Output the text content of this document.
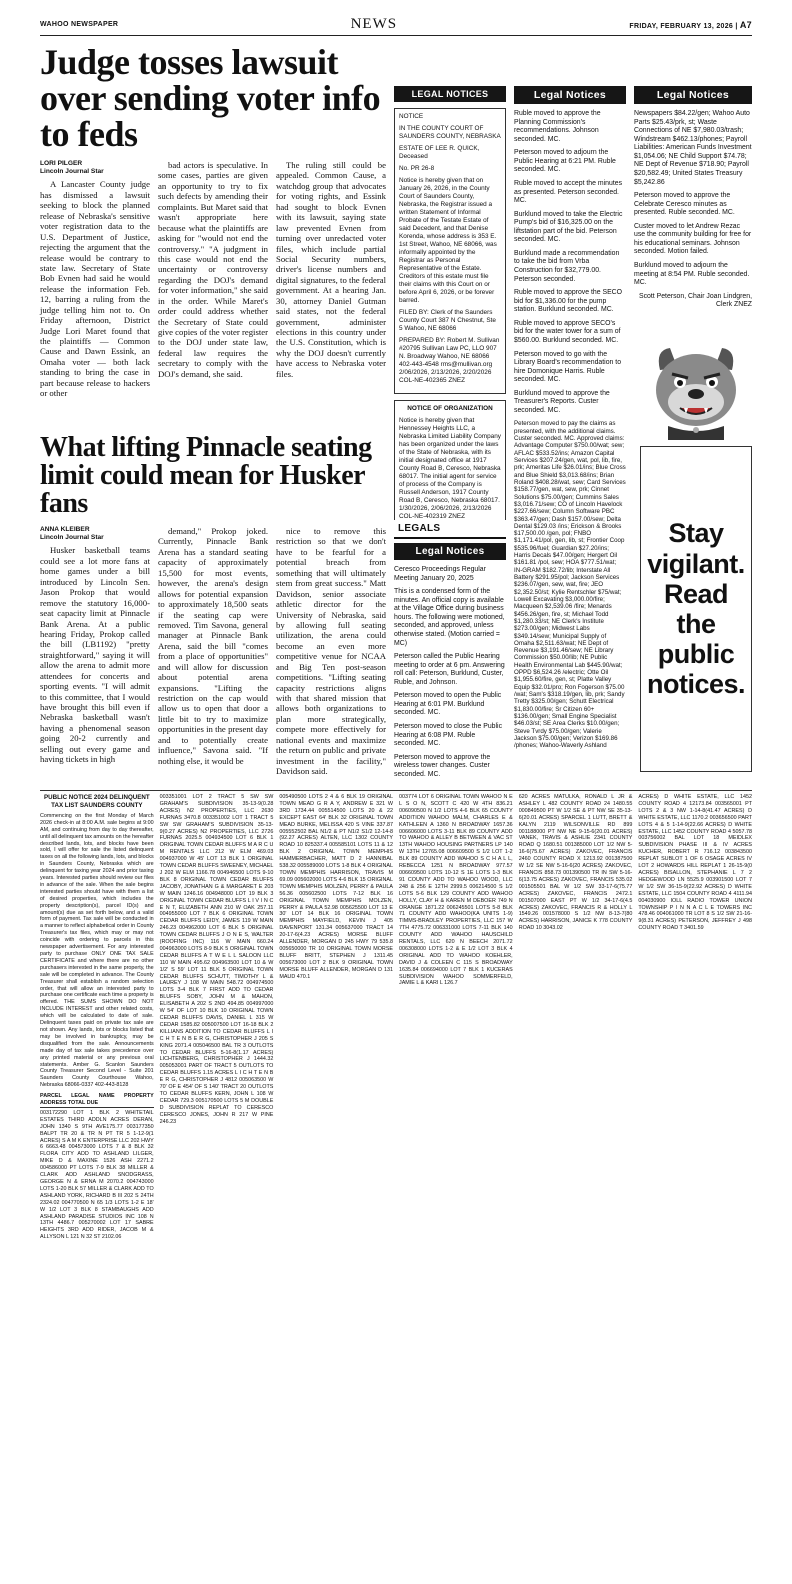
WAHOO NEWSPAPER	NEWS	FRIDAY, FEBRUARY 13, 2026 | A7
Judge tosses lawsuit over sending voter info to feds
LORI PILGER
Lincoln Journal Star

A Lancaster County judge has dismissed a lawsuit seeking to block the planned release of Nebraska's sensitive voter registration data to the U.S. Department of Justice, rejecting the argument that the release would be contrary to state law. Secretary of State Bob Evnen had said he would release the information Feb. 12, barring a ruling from the judge telling him not to. On Friday afternoon, District Judge Lori Maret found that the plaintiffs — Common Cause and Dawn Essink, an Omaha voter — both lack standing to bring the case in part because release to hackers or other

bad actors is speculative. In some cases, parties are given an opportunity to try to fix such defects by amending their complaints. But Maret said that wasn't appropriate here because what the plaintiffs are asking for "would not end the controversy." "A judgment in this case would not end the uncertainty or controversy regarding the DOJ's demand for voter information," she said in the order. While Maret's order could address whether the Secretary of State could give copies of the voter register to the DOJ under state law, federal law requires the secretary to comply with the DOJ's demand, she said.

The ruling still could be appealed. Common Cause, a watchdog group that advocates for voting rights, and Essink had sought to block Evnen with its lawsuit, saying state law prevented Evnen from turning over unredacted voter files, which include partial Social Security numbers, driver's license numbers and digital signatures, to the federal government. At a hearing Jan. 30, attorney Daniel Gutman said states, not the federal government, administer elections in this country under the U.S. Constitution, which is why the DOJ doesn't currently have access to Nebraska voter files.

What lifting Pinnacle seating limit could mean for Husker fans
ANNA KLEIBER
Lincoln Journal Star

Husker basketball teams could see a lot more fans at home games under a bill introduced by Lincoln Sen. Jason Prokop that would remove the statutory 16,000-seat capacity limit at Pinnacle Bank Arena. At a public hearing Friday, Prokop called the bill (LB1192) "pretty straightforward," saying it will allow the arena to admit more attendees for concerts and sporting events. "I will admit to this committee, that I would have brought this bill even if Nebraska basketball wasn't having a phenomenal season going 20-2 currently and selling out every game and having tickets in high

demand," Prokop joked. Currently, Pinnacle Bank Arena has a standard seating capacity of approximately 15,500 for most events, however, the arena's design allows for potential expansion to approximately 18,500 seats if the seating cap were removed. Tim Savona, general manager at Pinnacle Bank Arena, said the bill "comes from a place of opportunities" and will allow for discussion about potential arena expansions. "Lifting the restriction on the cap would allow us to open that door a little bit to try to maximize opportunities in the present day and to potentially create influence," Savona said. "If nothing else, it would be

nice to remove this restriction so that we don't have to be fearful for a potential breach from something that will ultimately stem from great success." Matt Davidson, senior associate athletic director for the University of Nebraska, said by allowing full seating utilization, the arena could become an even more competitive venue for NCAA and Big Ten post-season competitions. "Lifting seating capacity restrictions aligns with that shared mission that allows both organizations to plan more strategically, compete more effectively for national events and maximize the return on public and private investment in the facility," Davidson said.

LEGAL NOTICES

NOTICE

IN THE COUNTY COURT OF SAUNDERS COUNTY, NEBRASKA

ESTATE OF LEE R. QUICK, Deceased

No. PR 26-8

Notice is hereby given that on January 26, 2026, in the County Court of Saunders County, Nebraska, the Registrar issued a written Statement of Informal Probate of the Testate Estate of said Decedent, and that Denise Korenda, whose address is 353 E. 1st Street, Wahoo, NE 68066, was informally appointed by the Registrar as Personal Representative of the Estate. Creditors of this estate must file their claims with this Court on or before April 6, 2026, or be forever barred.

FILED BY: Clerk of the Saunders County Court 387 N Chestnut, Ste 5 Wahoo, NE 68066

PREPARED BY: Robert M. Sullivan #20795 Sullivan Law PC, LLO 907 N. Broadway Wahoo, NE 68066 402-443-4548 rms@mullivan.org 2/06/2026, 2/13/2026, 2/20/2026 COL-NE-402365 ZNEZ

NOTICE OF ORGANIZATION

Notice is hereby given that Hennessey Heights LLC, a Nebraska Limited Liability Company has been organized under the laws of the State of Nebraska, with its initial designated office at 1917 County Road B, Ceresco, Nebraska 68017. The initial agent for service of process of the Company is Russell Anderson, 1917 County Road B, Ceresco, Nebraska 68017. 1/30/2026, 2/06/2026, 2/13/2026 COL-NE-402319 ZNEZ

LEGALS
Legal Notices

Ceresco Proceedings Regular Meeting January 20, 2025

This is a condensed form of the minutes. An official copy is available at the Village Office during business hours. The following were motioned, seconded, and approved, unless otherwise stated. (Motion carried = MC)

Peterson called the Public Hearing meeting to order at 6 pm. Answering roll call: Peterson, Burklund, Custer, Ruble, and Johnson.

Peterson moved to open the Public Hearing at 6:01 PM. Burklund seconded. MC.

Peterson moved to close the Public Hearing at 6:08 PM. Ruble seconded. MC.

Peterson moved to approve the wireless tower changes. Custer seconded. MC.

Legal Notices

Ruble moved to approve the Planning Commission's recommendations. Johnson seconded. MC.

Peterson moved to adjourn the Public Hearing at 6:21 PM. Ruble seconded. MC.

Ruble moved to accept the minutes as presented. Peterson seconded. MC.

Burklund moved to take the Electric Pump's bid of $16,325.00 on the liftstation part of the bid. Peterson seconded. MC.

Burklund made a recommendation to take the bid from Vrba Construction for $32,779.00. Peterson seconded.

Ruble moved to approve the SECO bid for $1,336.00 for the pump station. Burklund seconded. MC.

Ruble moved to approve SECO's bid for the water tower for a sum of $560.00. Burklund seconded. MC.

Peterson moved to go with the Library Board's recommendation to hire Domonique Harris. Ruble seconded. MC.

Burklund moved to approve the Treasurer's Reports. Custer seconded. MC.

Peterson moved to pay the claims as presented, with the additional claims. Custer seconded. MC. Approved claims: Advantage Computer $750.00/wat; sew; AFLAC $533.52/ins; Amazon Capital Services $207.24/gen, wat, pol, lib, fire, prk; Ameritas Life $26.01/ins; Blue Cross and Blue Shield $3,013.68/ins; Brian Roland $408.28/wat, sew; Card Services $158.77/gen, wat, sew, prk; Cinnet Solutions $75.00/gen; Cummins Sales $3,016.71/sew; CO of Lincoln Havelock $227.66/sew; Column Software PBC $363.47/gen; Dash $157.00/sew; Delta Dental $129.03 /ins; Erickson & Brooks $17,500.00 /gen, pol; FNBO $1,171.41/pol, gen, lib, st; Frontier Coop $535.96/fuel; Guardian $27.20/ins; Harris Decals $47.00/gen; Hergert Oil $161.81 /pol, sew; HOA $777.51/wat; IN-GRAM $182.72/lib; Interstate All Battery $291.95/pol; Jackson Services $236.07/gen, sew, wat, fire; JEO $2,352.50/st; Kylie Rentschler $75/wat; Lowell Excavating $3,000.00/fire; Macqueen $2,539.06 /fire; Menards $456.26/gen, fire, st; Michael Todd $1,280.33/st; NE Clerk's Institute $273.00/gen; Midwest Labs $349.14/sew; Municipal Supply of Omaha $2,511.63/wat; NE Dept of Revenue $3,191.46/sew; NE Library Commission $50.00/lib; NE Public Health Environmental Lab $445.90/wat; OPPD $6,524.26 /electric; Otte Oil $1,955.60/fire, gen, st; Platte Valley Equip $32.01/pro; Ron Fogerson $75.00 /wat; Sam's $318.19/gen, lib, prk; Sandy Tretty $325.00/gen; Schutt Electrical $1,830.00/fire; Sr Citizen 60+ $136.00/gen; Small Engine Specialist $46.03/st; SE Area Clerks $10.00/gen; Steve Tvrdy $75.00/gen; Valerie Jackson $75.00/gen; Verizon $169.86 /phones; Wahoo-Waverly Ashland

Legal Notices

Newspapers $84.22/gen; Wahoo Auto Parts $25.43/prk, st; Waste Connections of NE $7,980.03/trash; Windstream $462.13/phones; Payroll Liabilities: American Funds Investment $1,054.06; NE Child Support $74.78; NE Dept of Revenue $718.90; Payroll $20,582.49; United States Treasury $5,242.86

Peterson moved to approve the Celebrate Ceresco minutes as presented. Ruble seconded. MC.

Custer moved to let Andrew Rezac use the community building for free for his educational seminars. Johnson seconded. Motion failed.

Burklund moved to adjourn the meeting at 8:54 PM. Ruble seconded. MC.

Scott Peterson, Chair Joan Lindgren, Clerk ZNEZ

Stay vigilant. Read the public notices.
PUBLIC NOTICE 2024 DELINQUENT TAX LIST SAUNDERS COUNTY
Commencing on the first Monday of March 2026 check-in at 8:00 A.M. sale begins at 9:00 AM, and continuing from day to day thereafter, until all delinquent tax amounts on the hereafter described lands, lots, and blocks have been sold, I will offer for sale the listed delinquent taxes on all the following lands, lots, and blocks in Saunders County, Nebraska which are delinquent for taxing year 2024 and prior taxing years. Interested parties should review our files in advance of the sale. When the sale begins interested parties should have with them a list of desired properties, which includes the property description(s), parcel ID(s) and amount(s) due as set forth below, and a valid form of payment. Tax sale will be conducted in a manner to reflect alphabetical order in County Treasurer's tax files, which may or may not coincide with ordering to parcels in this newspaper advertisement. For any interested party to purchase ONLY ONE TAX SALE CERTIFICATE and where there are no other purchasers interested in the same property, the sale will be completed in advance. The County Treasurer shall establish a random selection order, that will allow an interested party to purchase one certificate each time a property is offered. THE SUMS SHOWN DO NOT INCLUDE INTEREST and other related costs, which will be calculated to date of sale. Delinquent taxes paid on private tax sale are not shown. Any lands, lots or blocks listed that may be involved in bankruptcy, may be disqualified from the sale. Announcements made day of tax sale takes precedence over any printed material or any previous oral statements. Amber G. Scanlon Saunders County Treasurer Second Level - Suite 201 Saunders County Courthouse Wahoo, Nebraska 68066-0337 402-443-8128
PARCEL LEGAL NAME PROPERTY ADDRESS TOTAL DUE
003172290 LOT 1 BLK 2 WHITETAIL ESTATES THIRD ADDLN ACRES DERAN, JOHN 1340 S 9TH AVE175.77 003177350 BALPT TR 20 & TR N PT TR 5 1-12-9(1 ACRES) S A M K ENTERPRISE LLC 202 HWY 6 6663.48 004573000 LOTS 7 & 8 BLK 32 FLORA CITY ADD TO ASHLAND LILGER, MIKE D & MAXINE 1526 ASH 2271.2 004586000 PT LOTS 7-9 BLK 38 MILLER & CLARK ADD ASHLAND SNODGRASS, GEORGE N & ERNA M 2070.2 004743000 LOTS 1-20 BLK 57 MILLER & CLARK ADD TO ASHLAND YORK, RICHARD B III 202 S 24TH 2324.02 004770500 N 65 1/3 LOTS 1-2 E 18' W 1/2 LOT 3 BLK 8 STAMBAUGHS ADD ASHLAND PARADISE STUDIOS INC 108 N 13TH 4486.7 005270002 LOT 17 SABRE HEIGHTS 3RD ADD RIDER, JACOB M & ALLYSON L 121 N 32 ST 2102.06
003351001 LOT 2 TRACT 5 SW SW GRAHAM'S SUBDIVISION 35-13-9(0.28 ACRES) N2 PROPERTIES, LLC 2630 FURNAS 3470.8 003351002 LOT 1 TRACT 5 SW SW GRAHAM'S SUBDIVISION 35-13-9(0.27 ACRES) N2 PROPERTIES, LLC 2726 FURNAS 2025.5 004934500 LOT 6 BLK 1 ORIGINAL TOWN CEDAR BLUFFS M A R C U M RENTALS LLC 212 W ELM 469.03 004937000 W 45' LOT 13 BLK 1 ORIGINAL TOWN CEDAR BLUFFS SWEENEY, MICHAEL J 202 W ELM 1166.78 004946500 LOTS 9-10 BLK 8 ORIGINAL TOWN CEDAR BLUFFS JACOBY, JONATHAN G & MARGARET E 203 W MAIN 1246.16 004948000 LOT 19 BLK 3 ORIGINAL TOWN CEDAR BLUFFS L I V I N C E N T, ELIZABETH ANN 210 W OAK 257.11 004955000 LOT 7 BLK 6 ORIGINAL TOWN CEDAR BLUFFS LEIDY, JAMES 119 W MAIN 246.23 004962000 LOT 6 BLK 5 ORIGINAL TOWN CEDAR BLUFFS J O N E S, WALTER (ROOFING INC) 116 W MAIN 660.24 004963000 LOTS 8-9 BLK 5 ORIGINAL TOWN CEDAR BLUFFS A T W E L L SALOON LLC 110 W MAIN 495.62 004963500 LOT 10 & W 1/2' S 59' LOT 11 BLK 5 ORIGINAL TOWN CEDAR BLUFFS SCHUTT, TIMOTHY L & LAUREY J 108 W MAIN 548.72 004974500 LOTS 3-4 BLK 7 FIRST ADD TO CEDAR BLUFFS SOBY, JOHN M & MAHON, ELISABETH A 202 S 2ND 494.85 004997000 W 54' OF LOT 10 BLK 10 ORIGINAL TOWN CEDAR BLUFFS DAVIS, DANIEL L 315 W CEDAR 1585.82 005007500 LOT 16-18 BLK 2 KILLIANS ADDITION TO CEDAR BLUFFS L I C H T E N B E R G, CHRISTOPHER J 205 S KING 2071.4 005046500 BAL TR 3 OUTLOTS TO CEDAR BLUFFS 5-16-8(1.17 ACRES) LICHTENBERG, CHRISTOPHER J 1444.32 005053001 PART OF TRACT 5 OUTLOTS TO CEDAR BLUFFS 1.15 ACRES L I C H T E N B E R G, CHRISTOPHER J 4812 005063500 W 70' OF E 454' OF S 140' TRACT 20 OUTLOTS TO CEDAR BLUFFS KERN, JOHN L 108 W CEDAR 729.3 005170500 LOTS 5 M DOUBLE D SUBDIVISION REPLAT TO CERESCO CERESCO JONES, JOHN R 217 W PINE 246.23
005490500 LOTS 2 4 & 6 BLK 19 ORIGINAL TOWN MEAD G R A Y, ANDREW E 321 W 3RD 1734.44 005514500 LOTS 20 & 22 EXCEPT EAST 64' BLK 32 ORIGINAL TOWN MEAD BURKE, MELISSA 420 S VINE 337.87 005552502 BAL N1/2 & PT N1/2 S1/2 12-14-8 (92.27 ACRES) ALTEN, LLC 1302 COUNTY ROAD 10 825337.4 005585101 LOTS 11 & 12 BLK 2 ORIGINAL TOWN MEMPHIS HAMMERBACHER, MATT D 2 HANNIBAL 538.32 005589000 LOTS 1-8 BLK 4 ORIGINAL TOWN MEMPHIS HARRISON, TRAVIS M 69.09 005602000 LOTS 4-6 BLK 15 ORIGINAL TOWN MEMPHIS MOLZEN, PERRY & PAULA 56.36 005602500 LOTS 7-12 BLK 16 ORIGINAL TOWN MEMPHIS MOLZEN, PERRY & PAULA 52.98 005625500 LOT 13 E 30' LOT 14 BLK 16 ORIGINAL TOWN MEMPHIS MAYFIELD, KEVIN J 405 DAVENPORT 131.34 005637000 TRACT 14 20-17-6(4.23 ACRES) MORSE BLUFF ALLENDER, MORGAN D 245 HWY 79 535.8 005650000 TR 10 ORIGINAL TOWN MORSE BLUFF BRITT, STEPHEN J 1311.45 005673000 LOT 2 BLK 9 ORIGINAL TOWN MORSE BLUFF ALLENDER, MORGAN D 131 MAUD 470.1
003774 LOT 6 ORIGINAL TOWN WAHOO N E L S O N, SCOTT C 420 W 4TH 836.21 006090500 N 1/2 LOTS 4-6 BLK 65 COUNTY ADDITION WAHOO MALM, CHARLES E & KATHLEEN A 1360 N BROADWAY 1657.36 006606000 LOTS 3-11 BLK 89 COUNTY ADD TO WAHOO & ALLEY B BETWEEN & VAC ST 13TH WAHOO HOUSING PARTNERS LP 140 W 13TH 12765.08 006609500 S 1/2 LOT 1-2 BLK 89 COUNTY ADD WAHOO S C H A L L, REBECCA 1251 N BROADWAY 977.57 006609500 LOTS 10-12 S 1E LOTS 1-3 BLK 91 COUNTY ADD TO WAHOO WOOD, LLC 248 & 256 E 12TH 2999.5 006214500 S 1/2 LOTS 5-6 BLK 129 COUNTY ADD WAHOO HOLLY, CLAY H & KAREN M DEBOER 749 N ORANGE 1871.22 006245501 LOTS 5-8 BLK 71 COUNTY ADD WAHOO(KA UNITS 1-9) TIMMS-BRADLEY PROPERTIES, LLC 157 W 7TH 4775.72 006331000 LOTS 7-11 BLK 140 COUNTY ADD WAHOO HAUSCHILD RENTALS, LLC 620 N BEECH 2071.72 006308000 LOTS 1-2 & E 1/2 LOT 3 BLK 4 ORIGINAL ADD TO WAHOO KOEHLER, DAVID J & COLEEN C 115 S BROADWAY 1635.84 006694000 LOT 7 BLK 1 KUCERAS SUBDIVISION WAHOO SOMMERFELD, JAMIE L & KARI L 126.7
620 ACRES MATULKA, RONALD L JR & ASHLEY L 482 COUNTY ROAD 24 1480.55 000849500 PT W 1/2 SE & PT NW SE 35-13-6(20.01 ACRES) SPARCEL 1 LUTT, BRETT & KALYN 2119 WILSONVILLE RD 899 001188000 PT NW NE 9-15-6(20.01 ACRES) VANEK, TRAVIS & ASHLIE 2341 COUNTY ROAD Q 1680.51 001385000 LOT 1/2 NW 5-16-6(75.67 ACRES) ZAKOVEC, FRANCIS 2460 COUNTY ROAD X 1213.92 001387500 W 1/2 SE NW 5-16-6(20 ACRES) ZAKOVEC, FRANCIS 858.73 001390500 TR IN SW 5-16-6(13.75 ACRES) ZAKOVEC, FRANCIS 535.02 001505501 BAL W 1/2 SW 33-17-6(75.77 ACRES) ZAKOVEC, FRANCIS 2472.1 001507000 EAST PT W 1/2 34-17-6(4.5 ACRES) ZAKOVEC, FRANCIS R & HOLLY L 1549.26 001578000 S 1/2 NW 8-13-7(80 ACRES) HARRISON, JANICE K 778 COUNTY ROAD 10 3043.02
ACRES) D WHITE ESTATE, LLC 1452 COUNTY ROAD 4 12173.84 003565001 PT LOTS 2 & 3 NW 1-14-8(41.47 ACRES) D WHITE ESTATE, LLC 1170.2 003656500 PART LOTS 4 & 5 1-14-9(22.66 ACRES) D WHITE ESTATE, LLC 1452 COUNTY ROAD 4 5057.78 003756002 BAL LOT 18 MEIDLEX SUBDIVISION PHASE III & IV ACRES KUCHER, ROBERT R 716.12 003843500 REPLAT SUBLOT 1 OF 6 OSAGE ACRES IV LOT 2 HOWARDS HILL REPLAT 1 26-15-9(0 ACRES) BISALLON, STEPHANIE L 7 2 HEDGEWOOD LN 5525.9 003901500 LOT 7 W 1/2 SW 36-15-9(22.92 ACRES) D WHITE ESTATE, LLC 1504 COUNTY ROAD 4 4111.94 004030900 IOLL RADIO TOWER UNION TOWNSHIP P I N N A C L E TOWERS INC 478.46 004061000 TR LOT 8 S 1/2 SW 21-16-9(8.31 ACRES) PETERSON, JEFFREY J 498 COUNTY ROAD T 3401.59
